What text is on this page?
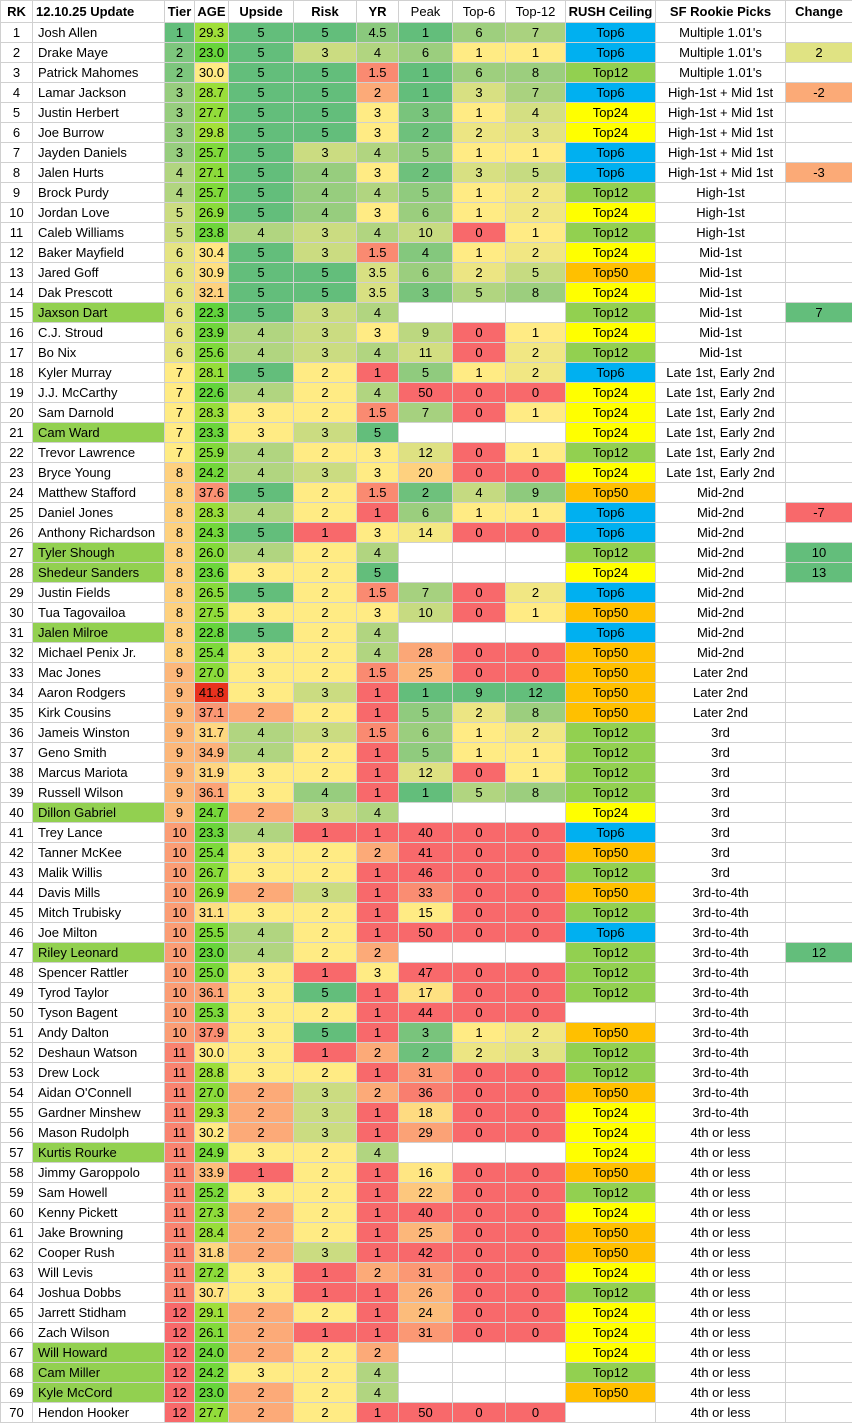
RK	12.10.25 Update	Tier	AGE	Upside	Risk	YR	Peak	Top-6	Top-12	RUSH Ceiling	SF Rookie Picks	Change
1	Josh Allen	1	29.3	5	5	4.5	1	6	7	Top6	Multiple 1.01's	
2	Drake Maye	2	23.0	5	3	4	6	1	1	Top6	Multiple 1.01's	2
3	Patrick Mahomes	2	30.0	5	5	1.5	1	6	8	Top12	Multiple 1.01's	
4	Lamar Jackson	3	28.7	5	5	2	1	3	7	Top6	High-1st + Mid 1st	-2
5	Justin Herbert	3	27.7	5	5	3	3	1	4	Top24	High-1st + Mid 1st	
6	Joe Burrow	3	29.8	5	5	3	2	2	3	Top24	High-1st + Mid 1st	
7	Jayden Daniels	3	25.7	5	3	4	5	1	1	Top6	High-1st + Mid 1st	
8	Jalen Hurts	4	27.1	5	4	3	2	3	5	Top6	High-1st + Mid 1st	-3
9	Brock Purdy	4	25.7	5	4	4	5	1	2	Top12	High-1st	
10	Jordan Love	5	26.9	5	4	3	6	1	2	Top24	High-1st	
11	Caleb Williams	5	23.8	4	3	4	10	0	1	Top12	High-1st	
12	Baker Mayfield	6	30.4	5	3	1.5	4	1	2	Top24	Mid-1st	
13	Jared Goff	6	30.9	5	5	3.5	6	2	5	Top50	Mid-1st	
14	Dak Prescott	6	32.1	5	5	3.5	3	5	8	Top24	Mid-1st	
15	Jaxson Dart	6	22.3	5	3	4				Top12	Mid-1st	7
16	C.J. Stroud	6	23.9	4	3	3	9	0	1	Top24	Mid-1st	
17	Bo Nix	6	25.6	4	3	4	11	0	2	Top12	Mid-1st	
18	Kyler Murray	7	28.1	5	2	1	5	1	2	Top6	Late 1st, Early 2nd	
19	J.J. McCarthy	7	22.6	4	2	4	50	0	0	Top24	Late 1st, Early 2nd	
20	Sam Darnold	7	28.3	3	2	1.5	7	0	1	Top24	Late 1st, Early 2nd	
21	Cam Ward	7	23.3	3	3	5				Top24	Late 1st, Early 2nd	
22	Trevor Lawrence	7	25.9	4	2	3	12	0	1	Top12	Late 1st, Early 2nd	
23	Bryce Young	8	24.2	4	3	3	20	0	0	Top24	Late 1st, Early 2nd	
24	Matthew Stafford	8	37.6	5	2	1.5	2	4	9	Top50	Mid-2nd	
25	Daniel Jones	8	28.3	4	2	1	6	1	1	Top6	Mid-2nd	-7
26	Anthony Richardson	8	24.3	5	1	3	14	0	0	Top6	Mid-2nd	
27	Tyler Shough	8	26.0	4	2	4				Top12	Mid-2nd	10
28	Shedeur Sanders	8	23.6	3	2	5				Top24	Mid-2nd	13
29	Justin Fields	8	26.5	5	2	1.5	7	0	2	Top6	Mid-2nd	
30	Tua Tagovailoa	8	27.5	3	2	3	10	0	1	Top50	Mid-2nd	
31	Jalen Milroe	8	22.8	5	2	4				Top6	Mid-2nd	
32	Michael Penix Jr.	8	25.4	3	2	4	28	0	0	Top50	Mid-2nd	
33	Mac Jones	9	27.0	3	2	1.5	25	0	0	Top50	Later 2nd	
34	Aaron Rodgers	9	41.8	3	3	1	1	9	12	Top50	Later 2nd	
35	Kirk Cousins	9	37.1	2	2	1	5	2	8	Top50	Later 2nd	
36	Jameis Winston	9	31.7	4	3	1.5	6	1	2	Top12	3rd	
37	Geno Smith	9	34.9	4	2	1	5	1	1	Top12	3rd	
38	Marcus Mariota	9	31.9	3	2	1	12	0	1	Top12	3rd	
39	Russell Wilson	9	36.1	3	4	1	1	5	8	Top12	3rd	
40	Dillon Gabriel	9	24.7	2	3	4				Top24	3rd	
41	Trey Lance	10	23.3	4	1	1	40	0	0	Top6	3rd	
42	Tanner McKee	10	25.4	3	2	2	41	0	0	Top50	3rd	
43	Malik Willis	10	26.7	3	2	1	46	0	0	Top12	3rd	
44	Davis Mills	10	26.9	2	3	1	33	0	0	Top50	3rd-to-4th	
45	Mitch Trubisky	10	31.1	3	2	1	15	0	0	Top12	3rd-to-4th	
46	Joe Milton	10	25.5	4	2	1	50	0	0	Top6	3rd-to-4th	
47	Riley Leonard	10	23.0	4	2	2				Top12	3rd-to-4th	12
48	Spencer Rattler	10	25.0	3	1	3	47	0	0	Top12	3rd-to-4th	
49	Tyrod Taylor	10	36.1	3	5	1	17	0	0	Top12	3rd-to-4th	
50	Tyson Bagent	10	25.3	3	2	1	44	0	0		3rd-to-4th	
51	Andy Dalton	10	37.9	3	5	1	3	1	2	Top50	3rd-to-4th	
52	Deshaun Watson	11	30.0	3	1	2	2	2	3	Top12	3rd-to-4th	
53	Drew Lock	11	28.8	3	2	1	31	0	0	Top12	3rd-to-4th	
54	Aidan O'Connell	11	27.0	2	3	2	36	0	0	Top50	3rd-to-4th	
55	Gardner Minshew	11	29.3	2	3	1	18	0	0	Top24	3rd-to-4th	
56	Mason Rudolph	11	30.2	2	3	1	29	0	0	Top24	4th or less	
57	Kurtis Rourke	11	24.9	3	2	4				Top24	4th or less	
58	Jimmy Garoppolo	11	33.9	1	2	1	16	0	0	Top50	4th or less	
59	Sam Howell	11	25.2	3	2	1	22	0	0	Top12	4th or less	
60	Kenny Pickett	11	27.3	2	2	1	40	0	0	Top24	4th or less	
61	Jake Browning	11	28.4	2	2	1	25	0	0	Top50	4th or less	
62	Cooper Rush	11	31.8	2	3	1	42	0	0	Top50	4th or less	
63	Will Levis	11	27.2	3	1	2	31	0	0	Top24	4th or less	
64	Joshua Dobbs	11	30.7	3	1	1	26	0	0	Top12	4th or less	
65	Jarrett Stidham	12	29.1	2	2	1	24	0	0	Top24	4th or less	
66	Zach Wilson	12	26.1	2	1	1	31	0	0	Top24	4th or less	
67	Will Howard	12	24.0	2	2	2				Top24	4th or less	
68	Cam Miller	12	24.2	3	2	4				Top12	4th or less	
69	Kyle McCord	12	23.0	2	2	4				Top50	4th or less	
70	Hendon Hooker	12	27.7	2	2	1	50	0	0		4th or less	
